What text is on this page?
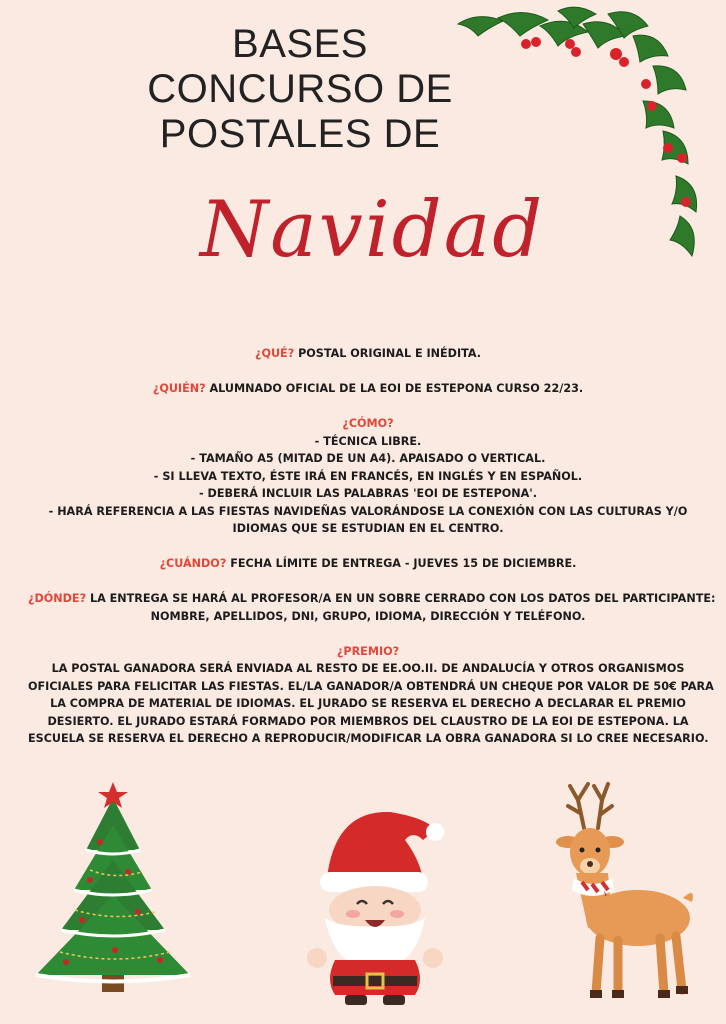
BASES
CONCURSO DE
POSTALES DE
Navidad
¿QUÉ? POSTAL ORIGINAL E INÉDITA.
¿QUIÉN? ALUMNADO OFICIAL DE LA EOI DE ESTEPONA CURSO 22/23.
¿CÓMO?
- TÉCNICA LIBRE.
- TAMAÑO A5 (MITAD DE UN A4). APAISADO O VERTICAL.
- SI LLEVA TEXTO, ÉSTE IRÁ EN FRANCÉS, EN INGLÉS Y EN ESPAÑOL.
- DEBERÁ INCLUIR LAS PALABRAS 'EOI DE ESTEPONA'.
- HARÁ REFERENCIA A LAS FIESTAS NAVIDEÑAS VALORÁNDOSE LA CONEXIÓN CON LAS CULTURAS Y/O
IDIOMAS QUE SE ESTUDIAN EN EL CENTRO.
¿CUÁNDO? FECHA LÍMITE DE ENTREGA - JUEVES 15 DE DICIEMBRE.
¿DÓNDE? LA ENTREGA SE HARÁ AL PROFESOR/A EN UN SOBRE CERRADO CON LOS DATOS DEL PARTICIPANTE:
NOMBRE, APELLIDOS, DNI, GRUPO, IDIOMA, DIRECCIÓN Y TELÉFONO.
¿PREMIO?
LA POSTAL GANADORA SERÁ ENVIADA AL RESTO DE EE.OO.II. DE ANDALUCÍA Y OTROS ORGANISMOS
OFICIALES PARA FELICITAR LAS FIESTAS. EL/LA GANADOR/A OBTENDRÁ UN CHEQUE POR VALOR DE 50€ PARA
LA COMPRA DE MATERIAL DE IDIOMAS. EL JURADO SE RESERVA EL DERECHO A DECLARAR EL PREMIO
DESIERTO. EL JURADO ESTARÁ FORMADO POR MIEMBROS DEL CLAUSTRO DE LA EOI DE ESTEPONA. LA
ESCUELA SE RESERVA EL DERECHO A REPRODUCIR/MODIFICAR LA OBRA GANADORA SI LO CREE NECESARIO.
